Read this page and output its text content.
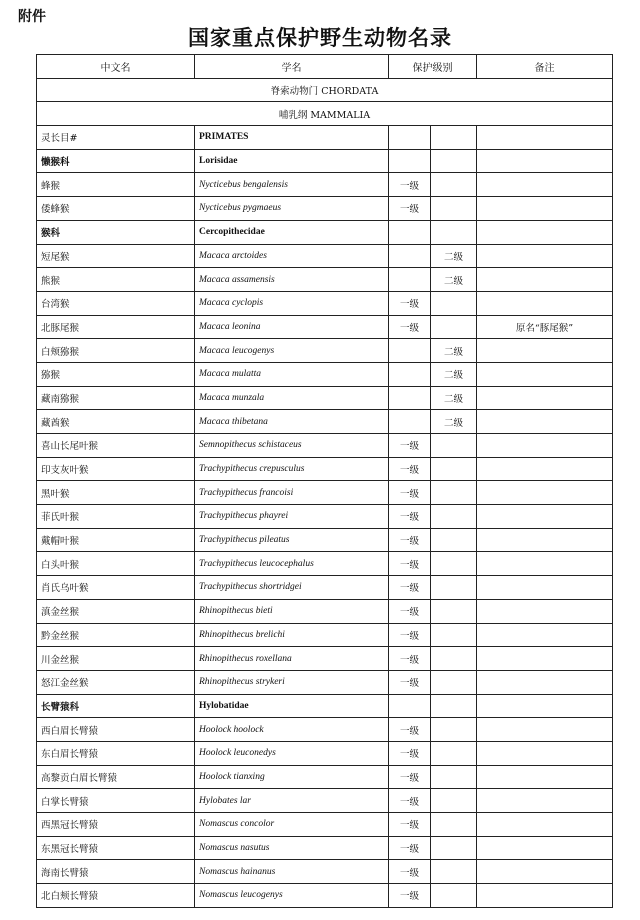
附件
国家重点保护野生动物名录
中文名	学名	保护级别		备注
脊索动物门 CHORDATA				
哺乳纲 MAMMALIA				
灵长目#	PRIMATES			
懒猴科	Lorisidae			
蜂猴	Nycticebus bengalensis	一级		
倭蜂猴	Nycticebus pygmaeus	一级		
猴科	Cercopithecidae			
短尾猴	Macaca arctoides		二级	
熊猴	Macaca assamensis		二级	
台湾猴	Macaca cyclopis	一级		
北豚尾猴	Macaca leonina	一级		原名“豚尾猴”
白颊猕猴	Macaca leucogenys		二级	
猕猴	Macaca mulatta		二级	
藏南猕猴	Macaca munzala		二级	
藏酋猴	Macaca thibetana		二级	
喜山长尾叶猴	Semnopithecus schistaceus	一级		
印支灰叶猴	Trachypithecus crepusculus	一级		
黑叶猴	Trachypithecus francoisi	一级		
菲氏叶猴	Trachypithecus phayrei	一级		
戴帽叶猴	Trachypithecus pileatus	一级		
白头叶猴	Trachypithecus leucocephalus	一级		
肖氏乌叶猴	Trachypithecus shortridgei	一级		
滇金丝猴	Rhinopithecus bieti	一级		
黔金丝猴	Rhinopithecus brelichi	一级		
川金丝猴	Rhinopithecus roxellana	一级		
怒江金丝猴	Rhinopithecus strykeri	一级		
长臂猿科	Hylobatidae			
西白眉长臂猿	Hoolock hoolock	一级		
东白眉长臂猿	Hoolock leuconedys	一级		
高黎贡白眉长臂猿	Hoolock tianxing	一级		
白掌长臂猿	Hylobates lar	一级		
西黑冠长臂猿	Nomascus concolor	一级		
东黑冠长臂猿	Nomascus nasutus	一级		
海南长臂猿	Nomascus hainanus	一级		
北白颊长臂猿	Nomascus leucogenys	一级		
